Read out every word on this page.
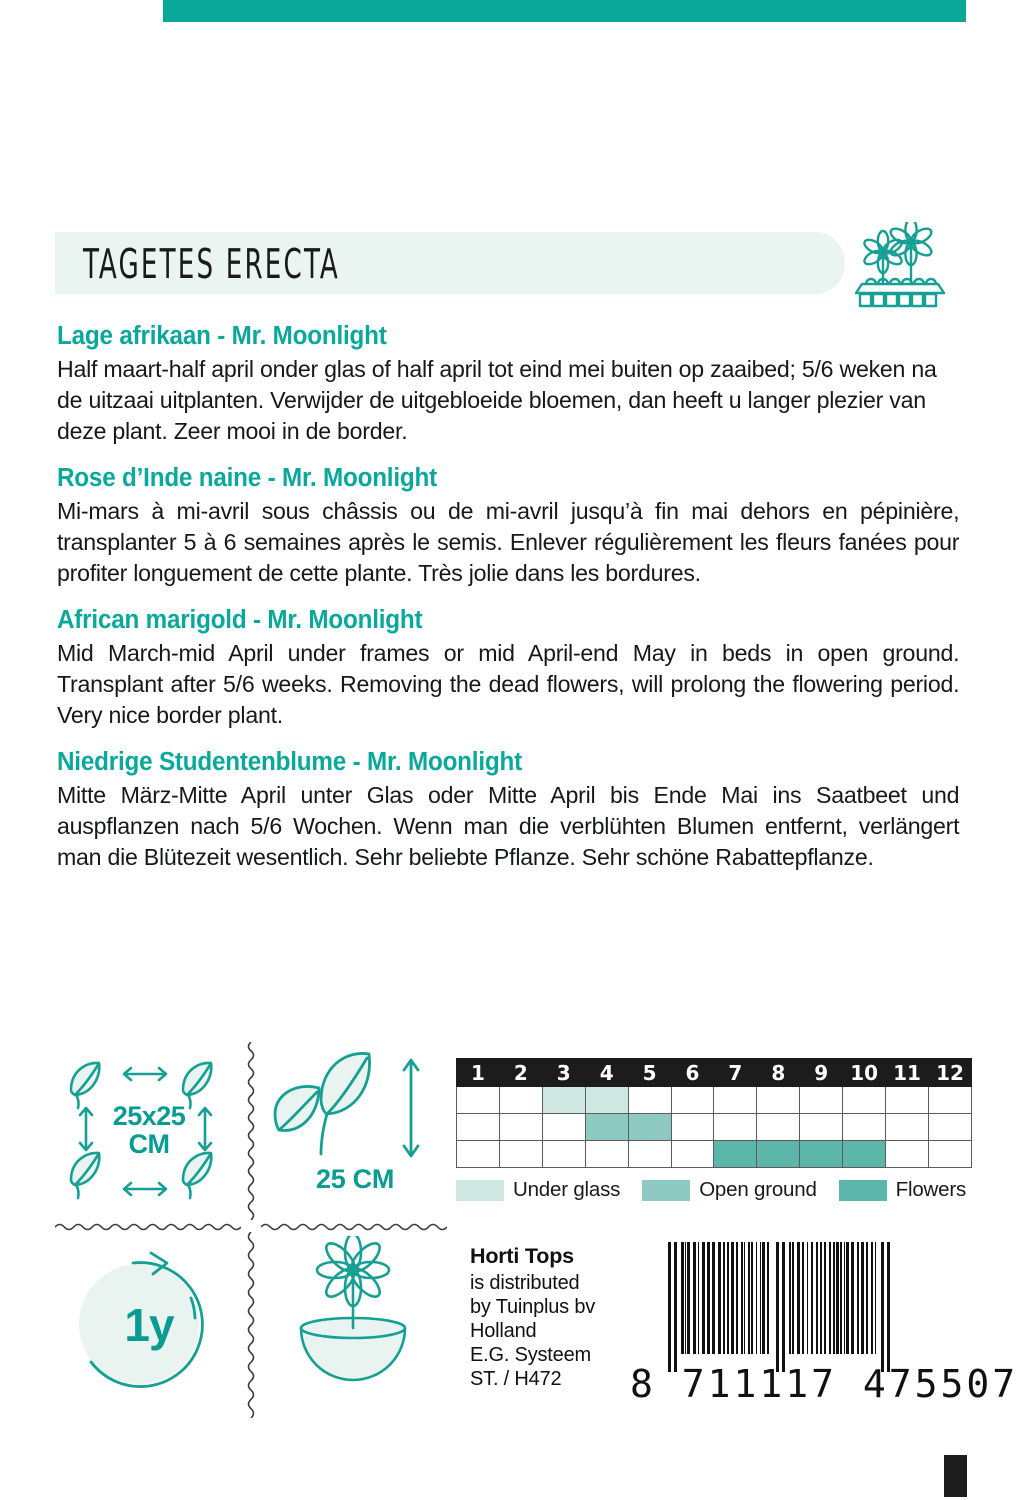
TAGETES ERECTA
Lage afrikaan - Mr. Moonlight

Half maart-half april onder glas of half april tot eind mei buiten op zaaibed; 5/6 weken na de uitzaai uitplanten. Verwijder de uitgebloeide bloemen, dan heeft u langer plezier van deze plant. Zeer mooi in de border.

Rose d’Inde naine - Mr. Moonlight

Mi-mars à mi-avril sous châssis ou de mi-avril jusqu’à fin mai dehors en pépinière, transplanter 5 à 6 semaines après le semis. Enlever régulièrement les fleurs fanées pour profiter longuement de cette plante. Très jolie dans les bordures.

African marigold - Mr. Moonlight

Mid March-mid April under frames or mid April-end May in beds in open ground. Transplant after 5/6 weeks. Removing the dead flowers, will prolong the flowering period. Very nice border plant.

Niedrige Studentenblume - Mr. Moonlight

Mitte März-Mitte April unter Glas oder Mitte April bis Ende Mai ins Saatbeet und auspflanzen nach 5/6 Wochen. Wenn man die verblühten Blumen entfernt, verlängert man die Blütezeit wesentlich. Sehr beliebte Pflanze. Sehr schöne Rabattepflanze.

25x25
CM
25 CM
1y
1	2	3	4	5	6	7	8	9	10	11	12

Under glass	Open ground	Flowers
Horti Tops
is distributed
by Tuinplus bv
Holland
E.G. Systeem
ST. / H472	8 711117 475507
